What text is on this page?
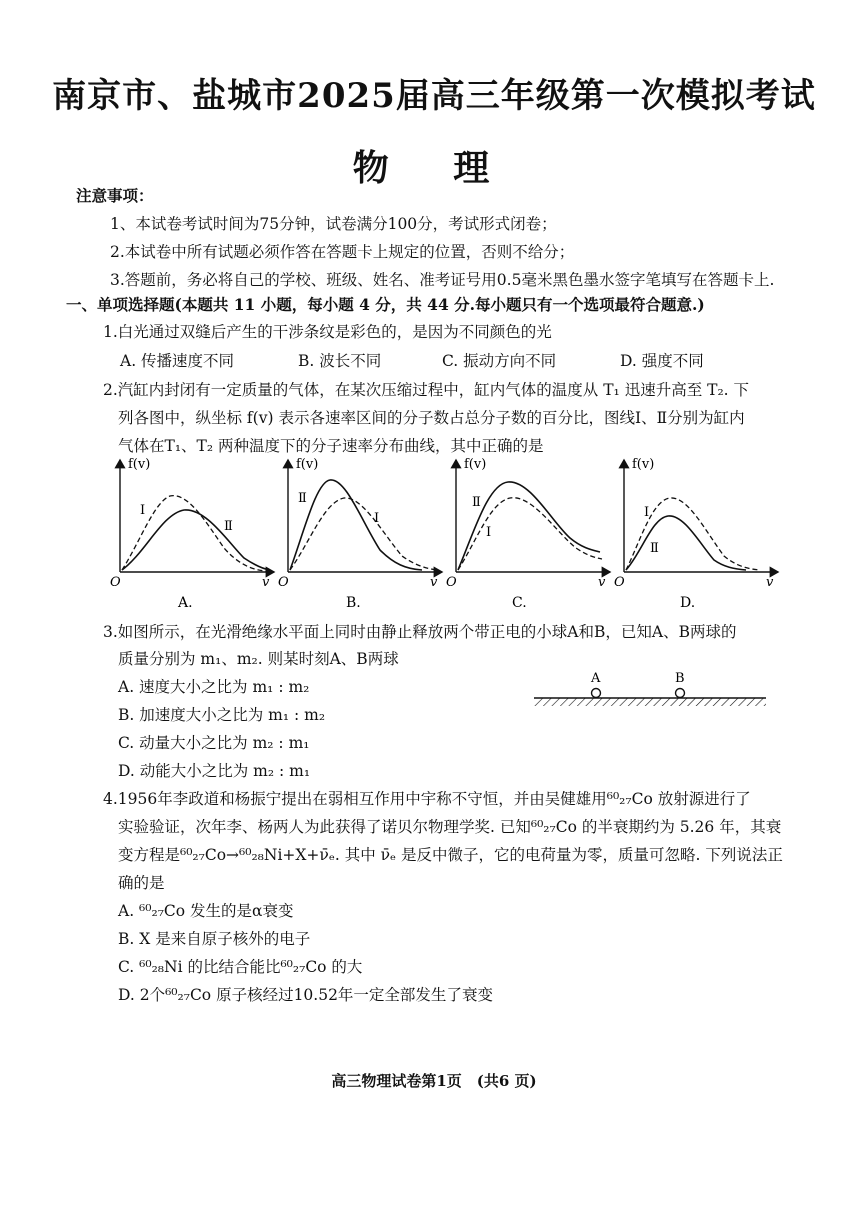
南京市、盐城市2025届高三年级第一次模拟考试
物 理
注意事项：
1、本试卷考试时间为75分钟，试卷满分100分，考试形式闭卷；
2.本试卷中所有试题必须作答在答题卡上规定的位置，否则不给分；
3.答题前，务必将自己的学校、班级、姓名、准考证号用0.5毫米黑色墨水签字笔填写在答题卡上.
一、单项选择题(本题共 11 小题，每小题 4 分，共 44 分.每小题只有一个选项最符合题意.)
1.白光通过双缝后产生的干涉条纹是彩色的，是因为不同颜色的光
A. 传播速度不同	B. 波长不同	C. 振动方向不同	D. 强度不同
2.汽缸内封闭有一定质量的气体，在某次压缩过程中，缸内气体的温度从 T₁ 迅速升高至 T₂. 下
列各图中，纵坐标 f(v) 表示各速率区间的分子数占总分子数的百分比，图线Ⅰ、Ⅱ分别为缸内
气体在T₁、T₂ 两种温度下的分子速率分布曲线，其中正确的是
f(v)
O	v
Ⅰ
Ⅱ
A.
f(v)
O	v
Ⅱ
Ⅰ
B.
f(v)
O	v
Ⅱ
Ⅰ
C.
f(v)
O	v
Ⅰ
Ⅱ
D.
3.如图所示，在光滑绝缘水平面上同时由静止释放两个带正电的小球A和B，已知A、B两球的
质量分别为 m₁、m₂. 则某时刻A、B两球
A. 速度大小之比为 m₁ : m₂
B. 加速度大小之比为 m₁ : m₂
C. 动量大小之比为 m₂ : m₁
D. 动能大小之比为 m₂ : m₁
A	B
4.1956年李政道和杨振宁提出在弱相互作用中宇称不守恒，并由吴健雄用⁶⁰₂₇Co 放射源进行了
实验验证，次年李、杨两人为此获得了诺贝尔物理学奖. 已知⁶⁰₂₇Co 的半衰期约为 5.26 年，其衰
变方程是⁶⁰₂₇Co→⁶⁰₂₈Ni+X+ν̄ₑ. 其中 ν̄ₑ 是反中微子，它的电荷量为零，质量可忽略. 下列说法正
确的是
A. ⁶⁰₂₇Co 发生的是α衰变
B. X 是来自原子核外的电子
C. ⁶⁰₂₈Ni 的比结合能比⁶⁰₂₇Co 的大
D. 2个⁶⁰₂₇Co 原子核经过10.52年一定全部发生了衰变
高三物理试卷第1页　(共6 页)
